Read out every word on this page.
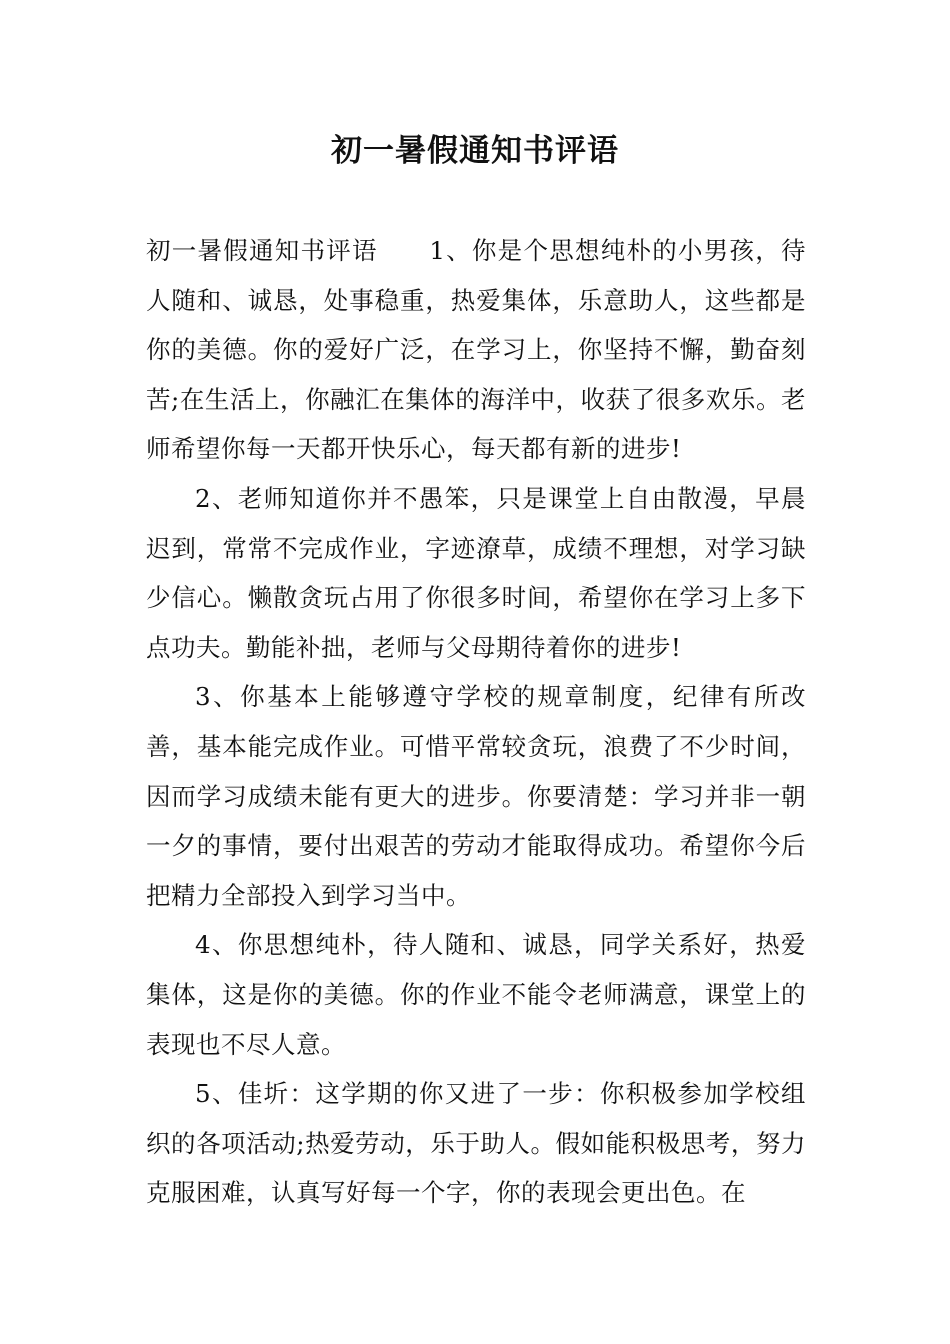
初一暑假通知书评语

初一暑假通知书评语　　1、你是个思想纯朴的小男孩，待人随和、诚恳，处事稳重，热爱集体，乐意助人，这些都是你的美德。你的爱好广泛，在学习上，你坚持不懈，勤奋刻苦;在生活上，你融汇在集体的海洋中，收获了很多欢乐。老师希望你每一天都开快乐心，每天都有新的进步!

2、老师知道你并不愚笨，只是课堂上自由散漫，早晨迟到，常常不完成作业，字迹潦草，成绩不理想，对学习缺少信心。懒散贪玩占用了你很多时间，希望你在学习上多下点功夫。勤能补拙，老师与父母期待着你的进步!

3、你基本上能够遵守学校的规章制度，纪律有所改善，基本能完成作业。可惜平常较贪玩，浪费了不少时间，因而学习成绩未能有更大的进步。你要清楚：学习并非一朝一夕的事情，要付出艰苦的劳动才能取得成功。希望你今后把精力全部投入到学习当中。

4、你思想纯朴，待人随和、诚恳，同学关系好，热爱集体，这是你的美德。你的作业不能令老师满意，课堂上的表现也不尽人意。

5、佳圻：这学期的你又进了一步：你积极参加学校组织的各项活动;热爱劳动，乐于助人。假如能积极思考，努力克服困难，认真写好每一个字，你的表现会更出色。在
